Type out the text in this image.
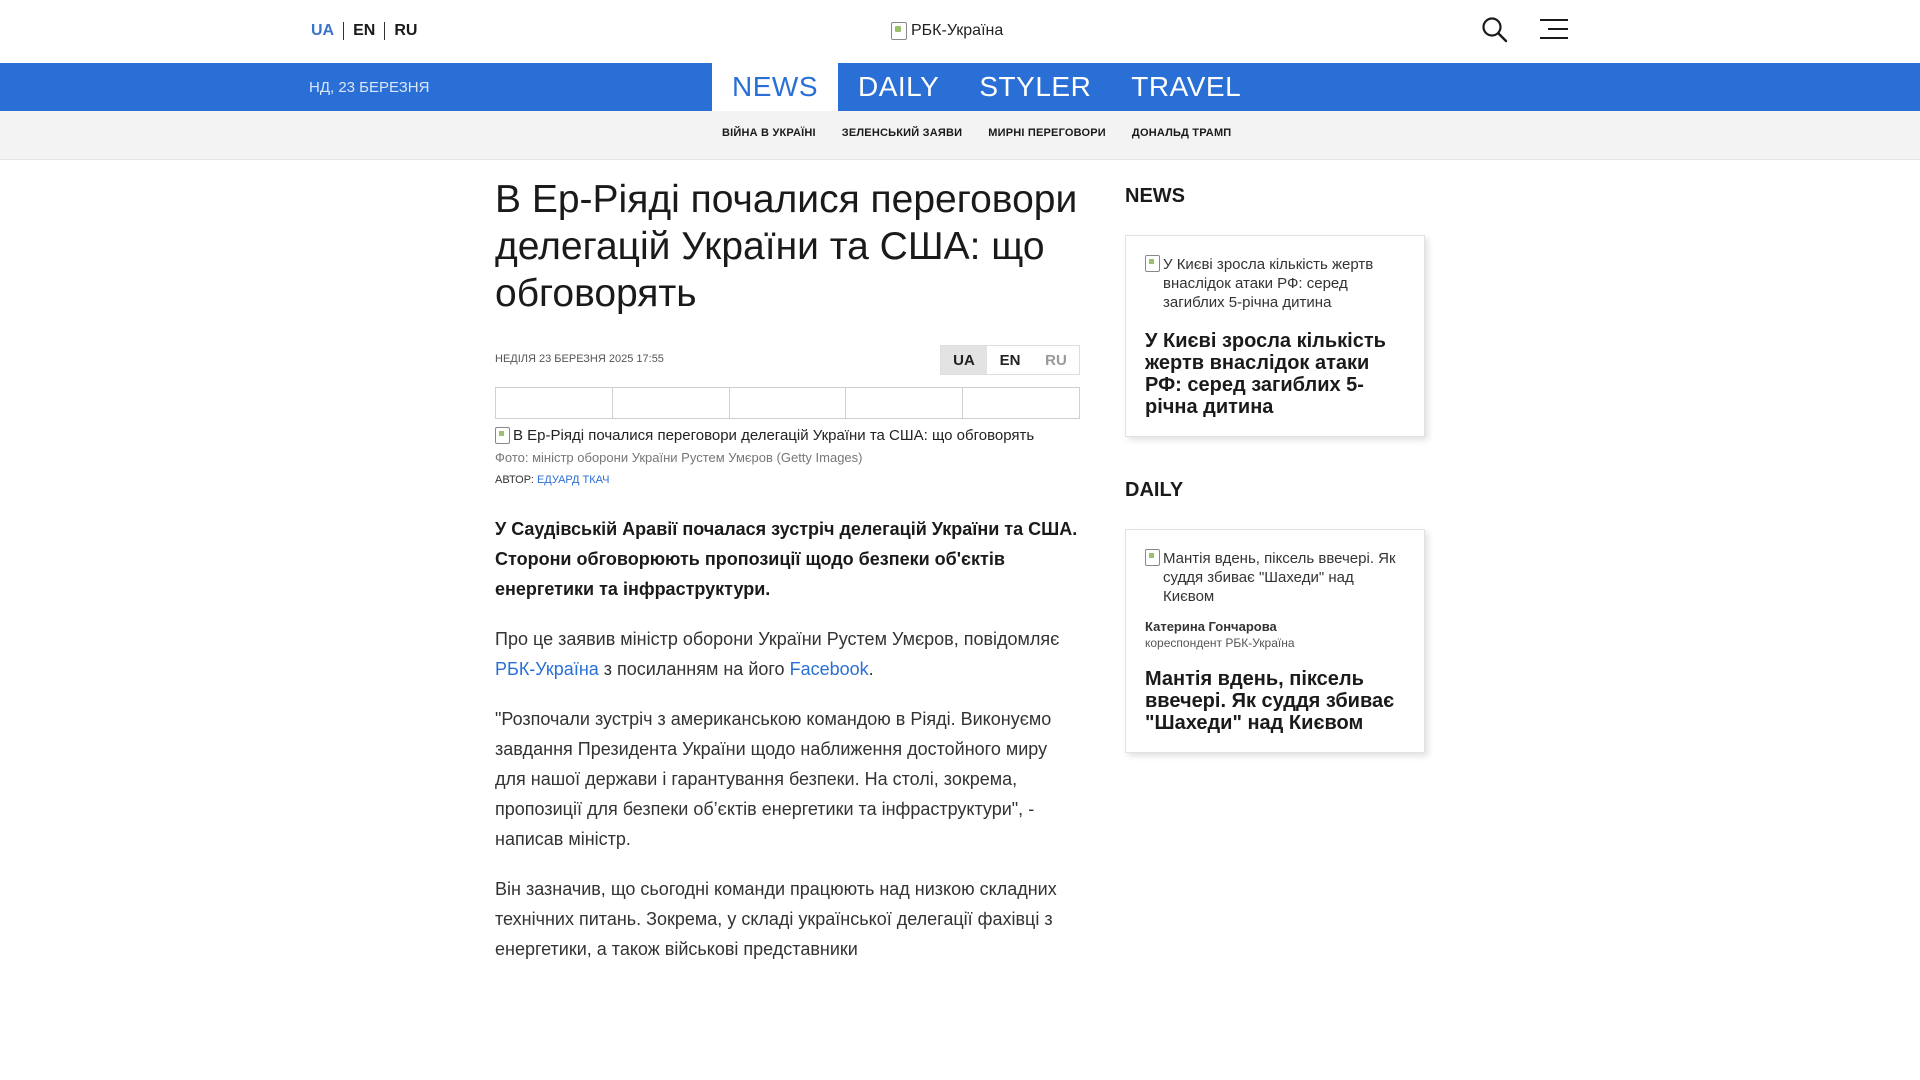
UA EN RU	РБК-Україна
НД, 23 БЕРЕЗНЯ	NEWS	DAILY	STYLER	TRAVEL
ВІЙНА В УКРАЇНІ ЗЕЛЕНСЬКИЙ ЗАЯВИ МИРНІ ПЕРЕГОВОРИ ДОНАЛЬД ТРАМП
В Ер-Ріяді почалися переговори делегацій України та США: що обговорять
НЕДІЛЯ 23 БЕРЕЗНЯ 2025 17:55	UA	EN	RU
В Ер-Ріяді почалися переговори делегацій України та США: що обговорять
Фото: міністр оборони України Рустем Умєров (Getty Images)
АВТОР: ЕДУАРД ТКАЧ
У Саудівській Аравії почалася зустріч делегацій України та США. Сторони обговорюють пропозиції щодо безпеки об'єктів енергетики та інфраструктури.
Про це заявив міністр оборони України Рустем Умєров, повідомляє РБК-Україна з посиланням на його Facebook.
"Розпочали зустріч з американською командою в Ріяді. Виконуємо завдання Президента України щодо наближення достойного миру для нашої держави і гарантування безпеки. На столі, зокрема, пропозиції для безпеки об’єктів енергетики та інфраструктури", - написав міністр.
Він зазначив, що сьогодні команди працюють над низкою складних технічних питань. Зокрема, у складі української делегації фахівці з енергетики, а також військові представники
NEWS
У Києві зросла кількість жертв внаслідок атаки РФ: серед загиблих 5-річна дитина
У Києві зросла кількість жертв внаслідок атаки РФ: серед загиблих 5-річна дитина
DAILY
Мантія вдень, піксель ввечері. Як суддя збиває "Шахеди" над Києвом
Катерина Гончарова
кореспондент РБК-Україна
Мантія вдень, піксель ввечері. Як суддя збиває "Шахеди" над Києвом
